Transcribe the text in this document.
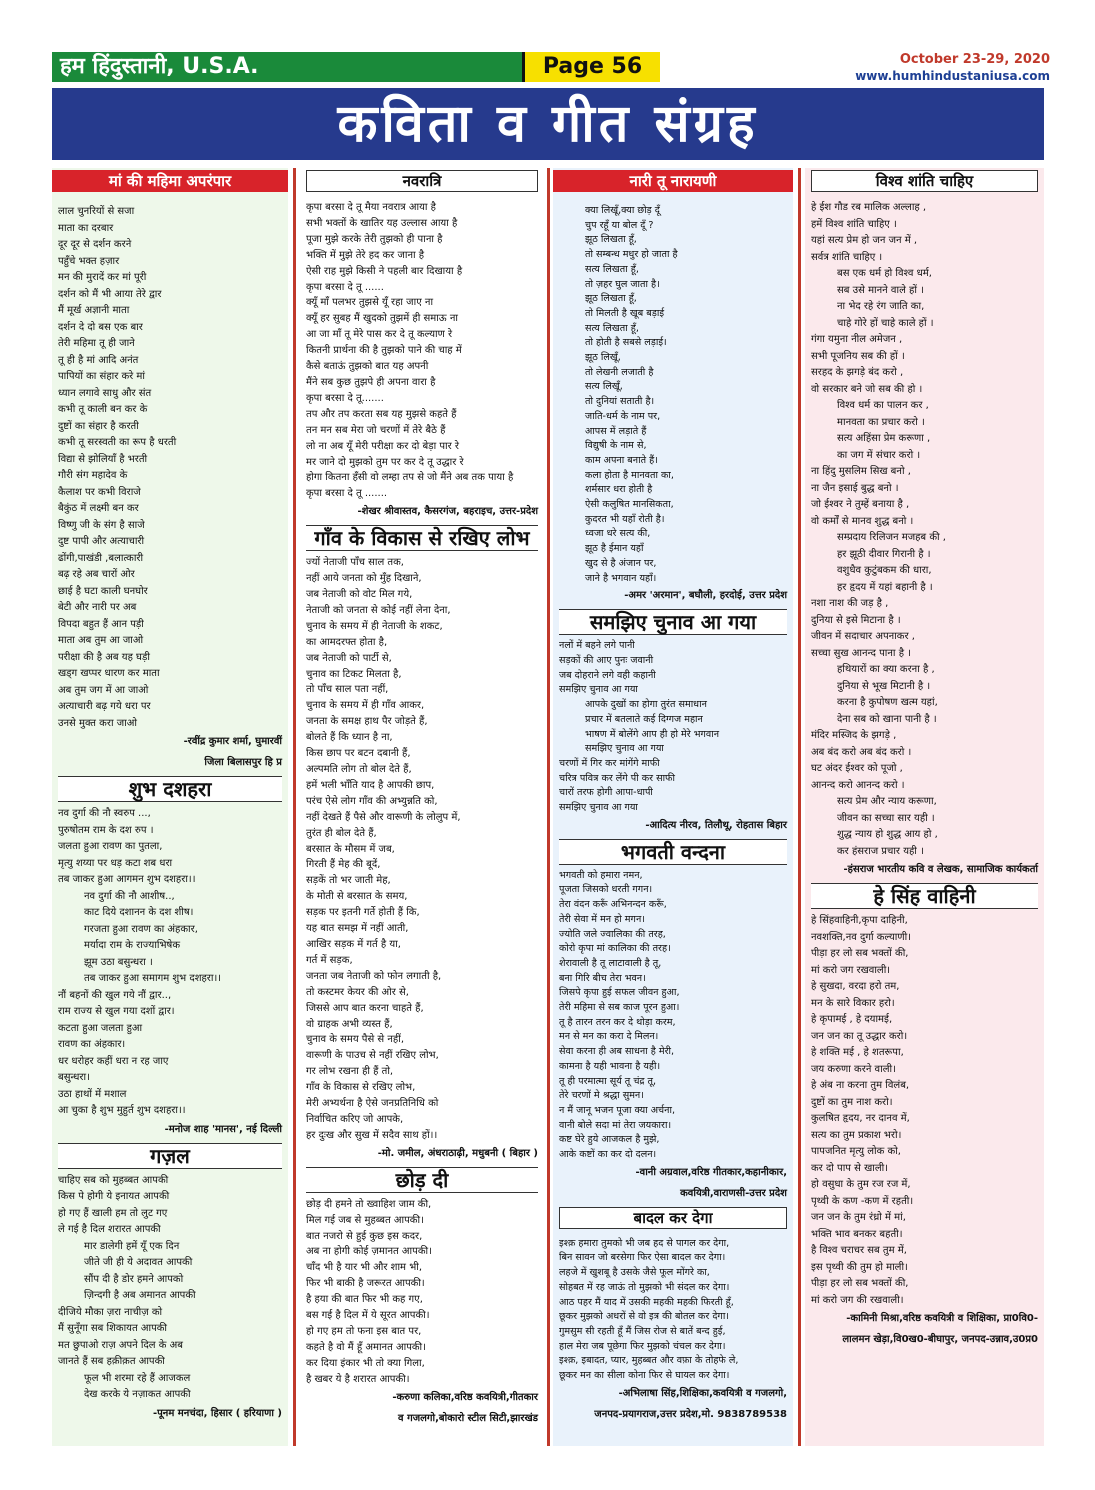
हम हिंदुस्तानी, U.S.A.	Page 56	October 23-29, 2020
www.humhindustaniusa.com
कविता व गीत संग्रह
मां की महिमा अपरंपार
लाल चुनरियों से सजा
माता का दरबार
दूर दूर से दर्शन करने
पहुँचे भक्त हज़ार
मन की मुरादें कर मां पूरी
दर्शन को मैं भी आया तेरे द्वार
मैं मूर्ख अज्ञानी माता
दर्शन दे दो बस एक बार
तेरी महिमा तू ही जाने
तू ही है मां आदि अनंत
पापियों का संहार करे मां
ध्यान लगावे साधु और संत
कभी तू काली बन कर के
दुष्टों का संहार है करती
कभी तू सरस्वती का रूप है धरती
विद्या से झोलियाँ है भरती
गौरी संग महादेव के
कैलाश पर कभी विराजे
बैकुंठ में लक्ष्मी बन कर
विष्णु जी के संग है साजे
दुष्ट पापी और अत्याचारी
ढोंगी,पाखंडी ,बलात्कारी
बढ़ रहे अब चारों ओर
छाई है घटा काली घनघोर
बेटी और नारी पर अब
विपदा बहुत हैं आन पड़ी
माता अब तुम आ जाओ
परीक्षा की है अब यह घड़ी
खड्ग खप्पर धारण कर माता
अब तुम जग में आ जाओ
अत्याचारी बढ़ गये धरा पर
उनसे मुक्त करा जाओ
-रवींद्र कुमार शर्मा, घुमारवीं
जिला बिलासपुर हि प्र
शुभ दशहरा
नव दुर्गा की नौ स्वरुप ...,
पुरुषोतम राम के दश रुप ।
जलता हुआ रावण का पुतला,
मृत्यु शय्या पर धड़ कटा शब धरा
तब जाकर हुआ आगमन शुभ दशहरा।।
नव दुर्गा की नौ आशीष..,
काट दिये दशानन के दश शीष।
गरजता हुआ रावण का अंहकार,
मर्यादा राम के राज्याभिषेक
झूम उठा बसुन्धरा ।
तब जाकर हुआ समागम शुभ दशहरा।।
नौं बहनों की खुल गये नौं द्वार..,
राम राज्य से खुल गया दशों द्वार।
कटता हुआ जलता हुआ
रावण का अंहकार।
धर धरोहर कहीं धरा न रह जाए
बसुन्धरा।
उठा हाथों में मशाल
आ चुका है शुभ मुहुर्त शुभ दशहरा।।
-मनोज शाह 'मानस', नई दिल्ली
गज़ल
चाहिए सब को मुहब्बत आपकी
किस पे होगी ये इनायत आपकी
हो गए हैं खाली हम तो लुट गए
ले गई है दिल शरारत आपकी
मार डालेगी हमें यूँ एक दिन
जीते जी ही ये अदावत आपकी
सौंप दी है डोर हमने आपको
ज़िन्दगी है अब अमानत आपकी
दीजिये मौका ज़रा नाचीज़ को
मैं सुनूँगा सब शिकायत आपकी
मत छुपाओ राज़ अपने दिल के अब
जानते हैं सब हक़ीक़त आपकी
फूल भी शरमा रहे हैं आजकल
देख करके ये नज़ाकत आपकी
-पूनम मनचंदा, हिसार ( हरियाणा )
नवरात्रि
कृपा बरसा दे तू मैया नवरात्र आया है
सभी भक्तों के खातिर यह उल्लास आया है
पूजा मुझे करके तेरी तुझको ही पाना है
भक्ति में मुझे तेरे हद कर जाना है
ऐसी राह मुझे किसी ने पहली बार दिखाया है
कृपा बरसा दे तू ......
क्यूँ माँ पलभर तुझसे यूँ रहा जाए ना
क्यूँ हर सुबह मैं खुदको तुझमें ही समाऊ ना
आ जा माँ तू मेरे पास कर दे तू कल्याण रे
कितनी प्रार्थना की है तुझको पाने की चाह में
कैसे बताऊं तुझको बात यह अपनी
मैंने सब कुछ तुझपे ही अपना वारा है
कृपा बरसा दे तू.......
तप और तप करता सब यह मुझसे कहते हैं
तन मन सब मेरा जो चरणों में तेरे बैठे हैं
लो ना अब यूँ मेरी परीक्षा कर दो बेड़ा पार रे
मर जाने दो मुझको तुम पर कर दे तू उद्धार रे
होगा कितना हँसी वो लम्हा तप से जो मैंने अब तक पाया है
कृपा बरसा दे तू .......
-शेखर श्रीवास्तव, कैसरगंज, बहराइच, उत्तर-प्रदेश
गाँव के विकास से रखिए लोभ
ज्यों नेताजी पाँच साल तक,
नहीं आये जनता को मुँह दिखाने,
जब नेताजी को वोट मिल गये,
नेताजी को जनता से कोई नहीं लेना देना,
चुनाव के समय में ही नेताजी के शकट,
का आमदरफ्त होता है,
जब नेताजी को पार्टी से,
चुनाव का टिकट मिलता है,
तो पाँच साल पता नहीं,
चुनाव के समय में ही गाँव आकर,
जनता के समक्ष हाथ पैर जोड़ते हैं,
बोलते हैं कि ध्यान है ना,
किस छाप पर बटन दबानी हैं,
अल्पमति लोग तो बोल देते हैं,
हमें भली भाँति याद है आपकी छाप,
परंच ऐसे लोग गाँव की अभ्युन्नति को,
नहीं देखते हैं पैसे और वारूणी के लोलुप में,
तुरंत ही बोल देते हैं,
बरसात के मौसम में जब,
गिरती हैं मेह की बूदें,
सड़कें तो भर जाती मेह,
के मोती से बरसात के समय,
सड़क पर इतनी गर्ते होती हैं कि,
यह बात समझ में नहीं आती,
आखिर सड़क में गर्त है या,
गर्त में सड़क,
जनता जब नेताजी को फोन लगाती है,
तो कस्टमर केयर की ओर से,
जिससे आप बात करना चाहते हैं,
वो ग्राहक अभी व्यस्त हैं,
चुनाव के समय पैसे से नहीं,
वारूणी के पाउच से नहीं रखिए लोभ,
गर लोभ रखना ही हैं तो,
गाँव के विकास से रखिए लोभ,
मेरी अभ्यर्थना है ऐसे जनप्रतिनिधि को
निर्वाचित करिए जो आपके,
हर दुःख और सुख में सदैव साथ हों।।
-मो. जमील, अंधराठाढ़ी, मधुबनी ( बिहार )
छोड़ दी
छोड़ दी हमने तो ख्वाहिश जाम की,
मिल गई जब से मुहब्बत आपकी।
बात नजरो से हुई कुछ इस कदर,
अब ना होगी कोई ज़मानत आपकी।
चाँद भी है यार भी और शाम भी,
फिर भी बाकी है जरूरत आपकी।
है हया की बात फिर भी कह गए,
बस गई है दिल में ये सूरत आपकी।
हो गए हम तो फना इस बात पर,
कहते है वो मैं हूँ अमानत आपकी।
कर दिया इंकार भी तो क्या गिला,
है खबर ये है शरारत आपकी।
-करुणा कलिका,वरिष्ठ कवयित्री,गीतकार
व गजलगो,बोकारो स्टील सिटी,झारखंड
नारी तू नारायणी
क्या लिखूँ,क्या छोड़ दूँ
चुप रहूँ या बोल दूँ ?
झूठ लिखता हूँ,
तो सम्बन्ध मधुर हो जाता है
सत्य लिखता हूँ,
तो ज़हर घुल जाता है।
झूठ लिखता हूँ,
तो मिलती है खूब बड़ाई
सत्य लिखता हूँ,
तो होती है सबसे लड़ाई।
झूठ लिखूँ,
तो लेखनी लजाती है
सत्य लिखूँ,
तो दुनियां सताती है।
जाति-धर्म के नाम पर,
आपस में लड़ाते हैं
विद्युषी के नाम से,
काम अपना बनाते हैं।
कला होता है मानवता का,
शर्मसार धरा होती है
ऐसी कलुषित मानसिकता,
कुदरत भी यहाँ रोती है।
ध्वजा धरे सत्य की,
झूठ है ईमान यहाँ
खुद से है अंजान पर,
जाने है भगवान यहाँ।
-अमर 'अरमान', बघौली, हरदोई, उत्तर प्रदेश
समझिए चुनाव आ गया
नलों में बहने लगे पानी
सड़कों की आए पुनः जवानी
जब दोहराने लगे वही कहानी
समझिए चुनाव आ गया
आपके दुखों का होगा तुरंत समाधान
प्रचार में बतलाते कई दिग्गज महान
भाषण में बोलेंगे आप ही हो मेरे भगवान
समझिए चुनाव आ गया
चरणों में गिर कर मांगेंगे माफी
चरित्र पवित्र कर लेंगे पी कर साफी
चारों तरफ होगी आपा-धापी
समझिए चुनाव आ गया
-आदित्य नीरव, तिलौथू, रोहतास बिहार
भगवती वन्दना
भगवती को हमारा नमन,
पूजता जिसको धरती गगन।
तेरा वंदन करूँ अभिनन्दन करूँ,
तेरी सेवा में मन हो मगन।
ज्योति जले ज्वालिका की तरह,
कोरो कृपा मां कालिका की तरह।
शेरावाली है तू लाटावाली है तू,
बना गिरि बीच तेरा भवन।
जिसपे कृपा हुई सफल जीवन हुआ,
तेरी महिमा से सब काज पूरन हुआ।
तू है तारन तरन कर दे थोड़ा करम,
मन से मन का करा दे मिलन।
सेवा करना ही अब साधना है मेरी,
कामना है यही भावना है यही।
तू ही परमात्मा सूर्य तू चंद्र तू,
तेरे चरणों मे श्रद्धा सुमन।
न मैं जानू भजन पूजा क्या अर्चना,
वानी बोले सदा मां तेरा जयकारा।
कष्ट घेरे हुये आजकल है मुझे,
आके कष्टों का कर दो दलन।
-वानी अग्रवाल,वरिष्ठ गीतकार,कहानीकार,
कवयित्री,वाराणसी-उत्तर प्रदेश
बादल कर देगा
इश्क़ हमारा तुमको भी जब हद से पागल कर देगा,
बिन सावन जो बरसेगा फिर ऐसा बादल कर देगा।
लहजे में खुशबू है उसके जैसे फूल मोंगरे का,
सोहबत में रह जाऊं तो मुझको भी संदल कर देगा।
आठ पहर मैं याद में उसकी महकी महकी फिरती हूँ,
छूकर मुझको अधरों से वो इत्र की बोतल कर देगा।
गुमसुम सी रहती हूँ मैं जिस रोज से बातें बन्द हुई,
हाल मेरा जब पूछेगा फिर मुझको चंचल कर देगा।
इश्क़, इबादत, प्यार, मुहब्बत और वफ़ा के तोहफे ले,
छूकर मन का सीला कोना फिर से घायल कर देगा।
-अभिलाषा सिंह,शिक्षिका,कवयित्री व गजलगो,
जनपद-प्रयागराज,उत्तर प्रदेश,मो. 9838789538
विश्व शांति चाहिए
हे ईश गौड रब मालिक अल्लाह ,
हमें विश्व शांति चाहिए ।
यहां सत्य प्रेम हो जन जन में ,
सर्वत्र शांति चाहिए ।
बस एक धर्म हो विश्व धर्म,
सब उसे मानने वाले हों ।
ना भेद रहे रंग जाति का,
चाहे गोरे हों चाहे काले हों ।
गंगा यमुना नील अमेजन ,
सभी पूजनिय सब की हों ।
सरहद के झगड़े बंद करो ,
वो सरकार बने जो सब की हो ।
विश्व धर्म का पालन कर ,
मानवता का प्रचार करो ।
सत्य अहिंसा प्रेम करूणा ,
का जग में संचार करो ।
ना हिंदु मुसलिम सिख बनो ,
ना जैन इसाई बुद्ध बनो ।
जो ईश्वर ने तुम्हें बनाया है ,
वो कर्मों से मानव शुद्ध बनो ।
सम्प्रदाय रिलिजन मजहब की ,
हर झूठी दीवार गिरानी है ।
वशुधैव कुटुंबकम की धारा,
हर हृदय में यहां बहानी है ।
नशा नाश की जड़ है ,
दुनिया से इसे मिटाना है ।
जीवन में सदाचार अपनाकर ,
सच्चा सुख आनन्द पाना है ।
हथियारों का क्या करना है ,
दुनिया से भूख मिटानी है ।
करना है कुपोषण खत्म यहां,
देना सब को खाना पानी है ।
मंदिर मस्जिद के झगड़े ,
अब बंद करो अब बंद करो ।
घट अंदर ईश्वर को पूजो ,
आनन्द करो आनन्द करो ।
सत्य प्रेम और न्याय करूणा,
जीवन का सच्चा सार यही ।
शुद्ध न्याय हो शुद्ध आय हो ,
कर हंसराज प्रचार यही ।
-हंसराज भारतीय कवि व लेखक, सामाजिक कार्यकर्ता
हे सिंह वाहिनी
हे सिंहवाहिनी,कृपा दाहिनी,
नवशक्ति,नव दुर्गा कल्याणी।
पीड़ा हर लो सब भक्तों की,
मां करो जग रखवाली।
हे सुखदा, वरदा हरो तम,
मन के सारे विकार हरो।
हे कृपामई , हे दयामई,
जन जन का तू उद्धार करो।
हे शक्ति मई , हे शतरूपा,
जय करुणा करने वाली।
हे अंब ना करना तुम विलंब,
दुष्टों का तुम नाश करो।
कुलषित हृदय, नर दानव में,
सत्य का तुम प्रकाश भरो।
पापजनित मृत्यु लोक को,
कर दो पाप से खाली।
हो वसुधा के तुम रज रज में,
पृथ्वी के कण -कण में रहती।
जन जन के तुम रंध्रो में मां,
भक्ति भाव बनकर बहती।
है विश्व चराचर सब तुम में,
इस पृथ्वी की तुम हो माली।
पीड़ा हर लो सब भक्तों की,
मां करो जग की रखवाली।
-कामिनी मिश्रा,वरिष्ठ कवयित्री व शिक्षिका, प्रा0वि0-
लालमन खेड़ा,वि0ख0-बीघापुर, जनपद-उन्नाव,उ0प्र0
